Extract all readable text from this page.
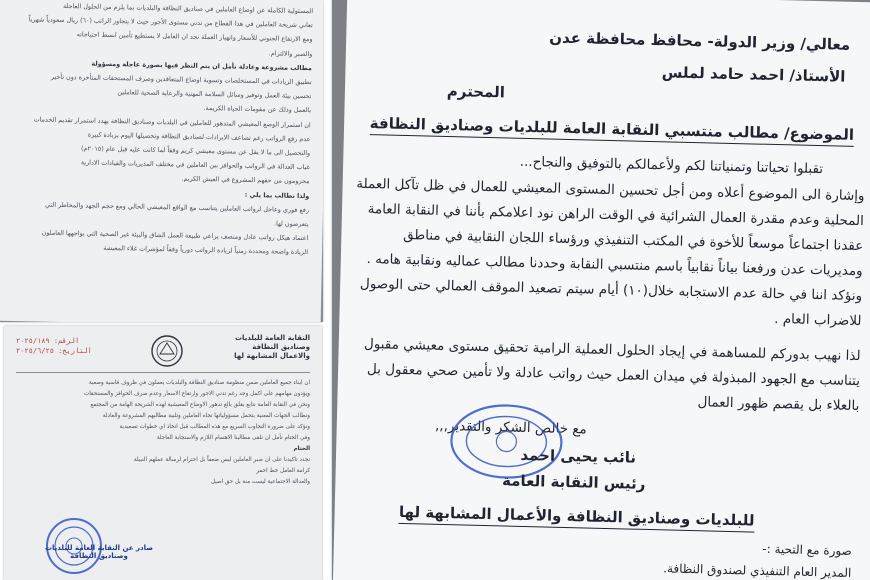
المسئولية الكاملة عن اوضاع العاملين في صناديق النظافة والبلديات بما يلزم من الحلول العاجلة

تعاني شريحة العاملين في هذا القطاع من تدني مستوى الأجور حيث لا يتجاوز الراتب (٦٠) ريال سعودياً شهرياً

ومع الارتفاع الجنوني للأسعار وانهيار العملة نجد ان العامل لا يستطيع تأمين ابسط احتياجاته

والصبر والالتزام.

مطالب مشروعة وعادلة نأمل ان يتم النظر فيها بصورة عاجلة ومسؤولة

تطبيق الزيادات في المستخلصات وتسوية اوضاع المتعاقدين وصرف المستحقات المتأخرة دون تأخير

تحسين بيئة العمل وتوفير وسائل السلامة المهنية والرعاية الصحية للعاملين

بالعمل وذلك عن مقومات الحياة الكريمة.

ان استمرار الوضع المعيشي المتدهور للعاملين في البلديات وصناديق النظافة يهدد استمرار تقديم الخدمات

عدم رفع الرواتب رغم تضاعف الايرادات لصناديق النظافة وتحصيلها اليوم بزيادة كبيرة

والتحصيل الى ما لا يقل عن مستوى معيشي كريم وفقاً لما كانت عليه قبل عام (٢٠١٥م)

غياب العدالة في الرواتب والحوافز بين العاملين في مختلف المديريات والقيادات الادارية

محرومون من حقهم المشروع في العيش الكريم.

ولذا نطالب بما يلي :

رفع فوري وعاجل لرواتب العاملين يتناسب مع الواقع المعيشي الحالي ومع حجم الجهد والمخاطر التي

يتعرضون لها.

اعتماد هيكل رواتب عادل ومنصف يراعي طبيعة العمل الشاق والبيئة غير الصحية التي يواجهها العاملون

الزيادة واضحة ومحددة زمنياً لزيادة الرواتب دورياً وفقاً لمؤشرات غلاء المعيشة

النقابة العامة للبلديات
وصناديق النظافة
والاعمال المشابهة لها
الرقم: ٢٠٢٥/١٨٩
التاريخ: ٢٠٢٥/٦/٢٥

ان ابناء جميع العاملين ضمن منظومة صناديق النظافة والبلديات يعملون في ظروف قاسية وصعبة

ويؤدون مهامهم على اكمل وجه رغم تدني الاجور وارتفاع الاسعار وعدم صرف الحوافز والمستحقات

ونحن في النقابة العامة نتابع بقلق بالغ تدهور الاوضاع المعيشية لهذه الشريحة الهامة من المجتمع

ونطالب الجهات المعنية بتحمل مسؤولياتها تجاه العاملين وتلبية مطالبهم المشروعة والعادلة

ونؤكد على ضرورة التجاوب السريع مع هذه المطالب قبل اتخاذ اي خطوات تصعيدية

وفي الختام نأمل ان تلقى مطالبنا الاهتمام اللازم والاستجابة العاجلة

الختام

نجدد تاكيدنا على ان صبر العاملين ليس ضعفاً بل احترام لرسالة عملهم النبيلة

كرامة العامل خط احمر

والعدالة الاجتماعية ليست منة بل حق اصيل

صادر عن النقابة العامة للبلديات وصناديق النظافة
معالي/ وزير الدولة- محافظ محافظة عدن
الأستاذ/ احمد حامد لملس
المحترم
الموضوع/ مطالب منتسبي النقابة العامة للبلديات وصناديق النظافة
تقبلوا تحياتنا وتمنياتنا لكم ولأعمالكم بالتوفيق والنجاح...
وإشارة الى الموضوع أعلاه ومن أجل تحسين المستوى المعيشي للعمال في ظل تآكل العملة
المحلية وعدم مقدرة العمال الشرائية في الوقت الراهن نود اعلامكم بأننا في النقابة العامة
عقدنا اجتماعاً موسعاً للأخوة في المكتب التنفيذي ورؤساء اللجان النقابية في مناطق
ومديريات عدن ورفعنا بياناً نقابياً باسم منتسبي النقابة وحددنا مطالب عماليه ونقابية هامه .
ونؤكد اننا في حالة عدم الاستجابه خلال(١٠) أيام سيتم تصعيد الموقف العمالي حتى الوصول
للاضراب العام .
لذا نهيب بدوركم للمساهمة في إيجاد الحلول العملية الرامية تحقيق مستوى معيشي مقبول
يتناسب مع الجهود المبذولة في ميدان العمل حيث رواتب عادلة ولا تأمين صحي معقول بل
بالعلاء بل يقصم ظهور العمال
مع خالص الشكر والتقدير,,,
نائب يحيى احمد
رئيس النقابة العامة
للبلديات وصناديق النظافة والأعمال المشابهة لها
صورة مع التحية :-
المدير العام التنفيذي لصندوق النظافة.
